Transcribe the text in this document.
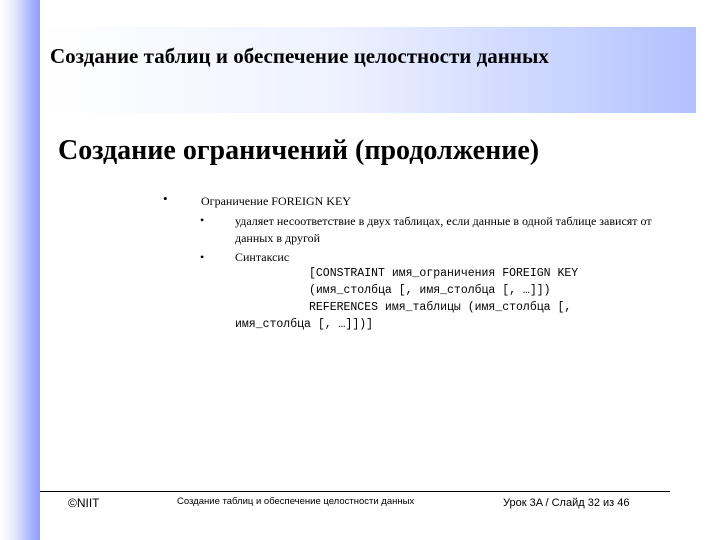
Создание таблиц и обеспечение целостности данных
Создание ограничений (продолжение)
•	Ограничение FOREIGN KEY
•	удаляет несоответствие в двух таблицах, если данные в одной таблице зависят от данных в другой
•	Синтаксис
[CONSTRAINT имя_ограничения FOREIGN KEY
(имя_столбца [, имя_столбца [, …]])
REFERENCES имя_таблицы (имя_столбца [,
имя_столбца [, …]])]
©NIIT	Создание таблиц и обеспечение целостности данных	Урок 3A / Слайд 32 из 46
